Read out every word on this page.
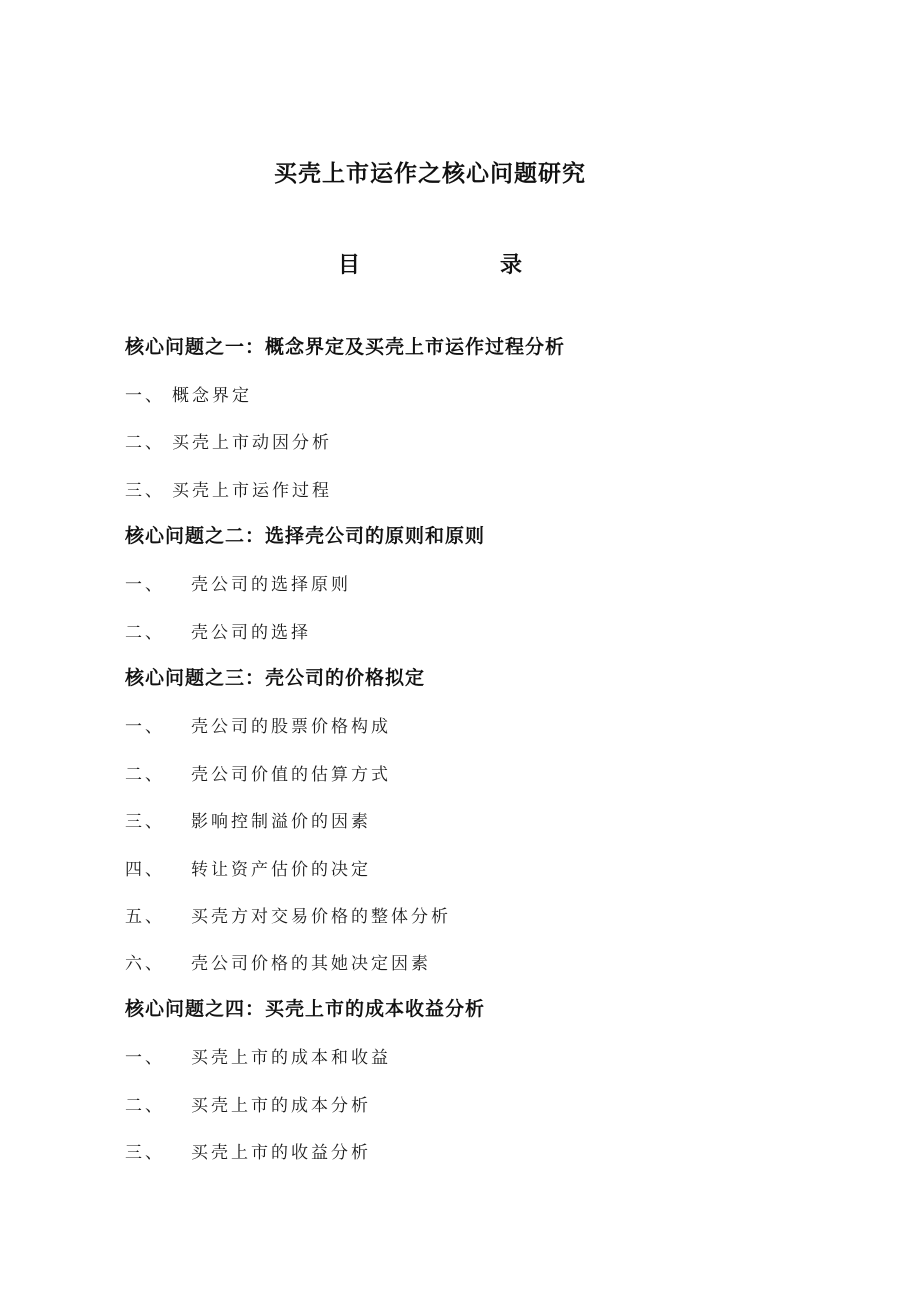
买壳上市运作之核心问题研究
目	录
核心问题之一：概念界定及买壳上市运作过程分析
一、 概念界定
二、 买壳上市动因分析
三、 买壳上市运作过程
核心问题之二：选择壳公司的原则和原则
一、 壳公司的选择原则
二、 壳公司的选择
核心问题之三：壳公司的价格拟定
一、 壳公司的股票价格构成
二、 壳公司价值的估算方式
三、 影响控制溢价的因素
四、 转让资产估价的决定
五、 买壳方对交易价格的整体分析
六、 壳公司价格的其她决定因素
核心问题之四：买壳上市的成本收益分析
一、 买壳上市的成本和收益
二、 买壳上市的成本分析
三、 买壳上市的收益分析
